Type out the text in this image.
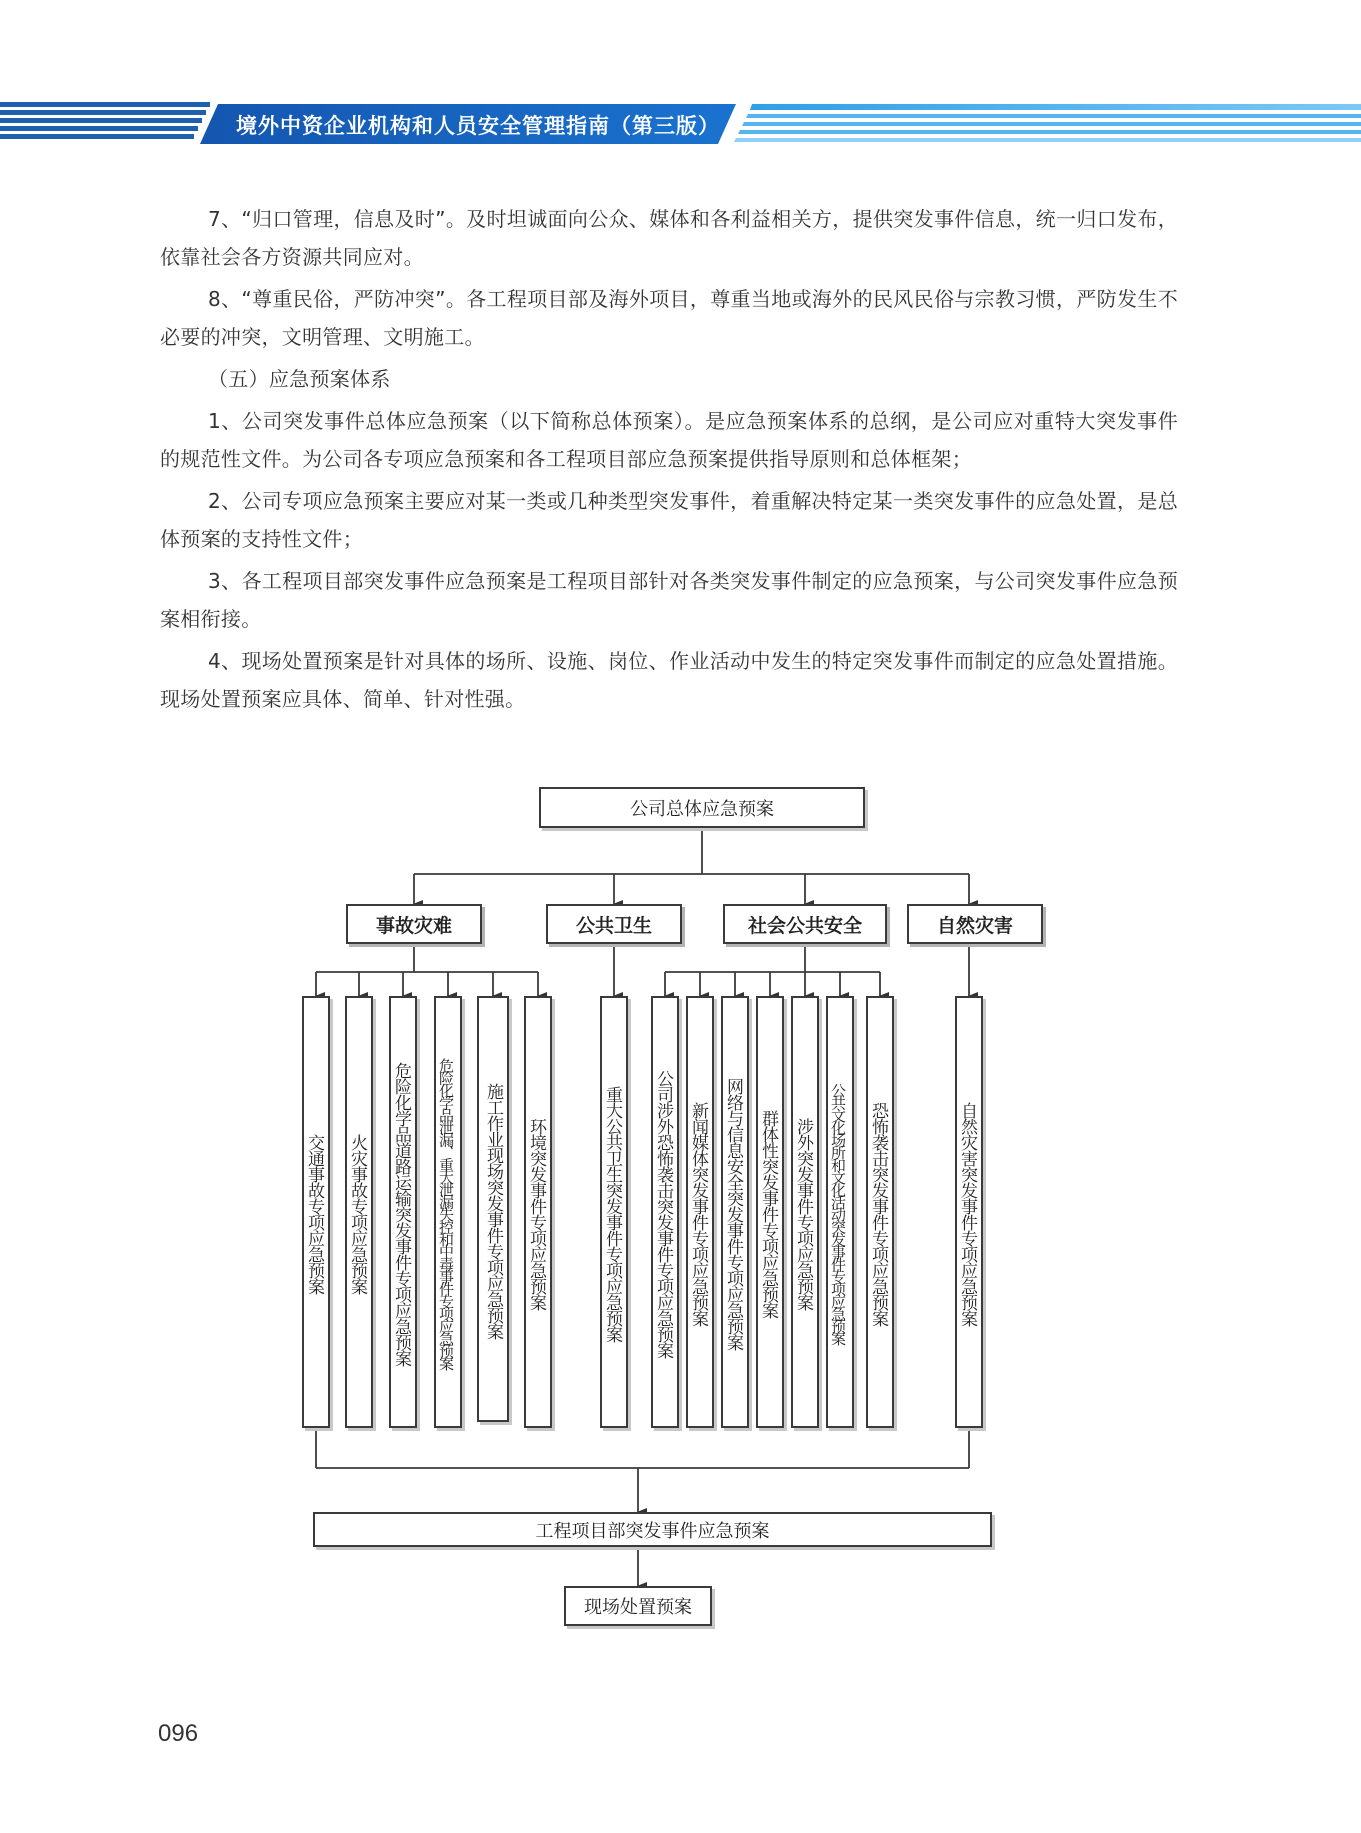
境外中资企业机构和人员安全管理指南（第三版）

7、“归口管理，信息及时”。及时坦诚面向公众、媒体和各利益相关方，提供突发事件信息，统一归口发布，依靠社会各方资源共同应对。

8、“尊重民俗，严防冲突”。各工程项目部及海外项目，尊重当地或海外的民风民俗与宗教习惯，严防发生不必要的冲突，文明管理、文明施工。

（五）应急预案体系

1、公司突发事件总体应急预案（以下简称总体预案）。是应急预案体系的总纲，是公司应对重特大突发事件的规范性文件。为公司各专项应急预案和各工程项目部应急预案提供指导原则和总体框架；

2、公司专项应急预案主要应对某一类或几种类型突发事件，着重解决特定某一类突发事件的应急处置，是总体预案的支持性文件；

3、各工程项目部突发事件应急预案是工程项目部针对各类突发事件制定的应急预案，与公司突发事件应急预案相衔接。

4、现场处置预案是针对具体的场所、设施、岗位、作业活动中发生的特定突发事件而制定的应急处置措施。现场处置预案应具体、简单、针对性强。

公司总体应急预案
事故灾难	公共卫生	社会公共安全	自然灾害
交通事故专项应急预案	火灾事故专项应急预案	危险化学品道路运输突发事件专项应急预案	危险化学品泄漏、重大泄漏失控和中毒事件专项应急预案	施工作业现场突发事件专项应急预案	环境突发事件专项应急预案	重大公共卫生突发事件专项应急预案	公司涉外恐怖袭击突发事件专项应急预案 新闻媒体突发事件专项应急预案 网络与信息安全突发事件专项应急预案 群体性突发事件专项应急预案 涉外突发事件专项应急预案	公共文化场所和文化活动突发事件专项应急预案	恐怖袭击突发事件专项应急预案	自然灾害突发事件专项应急预案
工程项目部突发事件应急预案
现场处置预案
096
